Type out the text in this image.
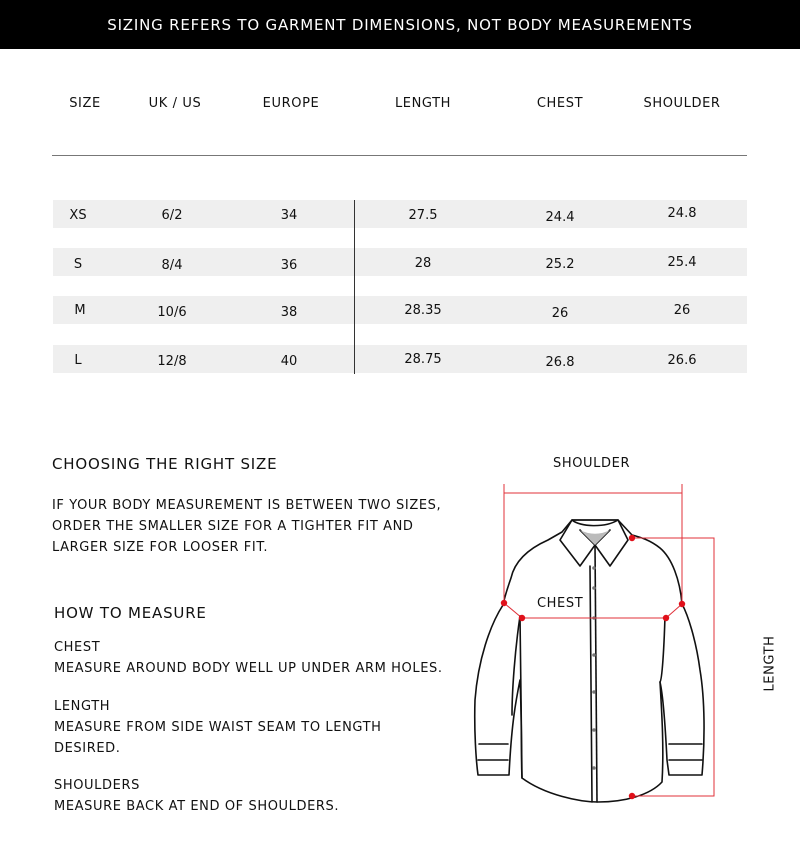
SIZING REFERS TO GARMENT DIMENSIONS, NOT BODY MEASUREMENTS
SIZE	UK / US	EUROPE	LENGTH	CHEST	SHOULDER
XS	6/2	34	27.5	24.4	24.8
S	8/4	36	28	25.2	25.4
M	10/6	38	28.35	26	26
L	12/8	40	28.75	26.8	26.6
CHOOSING THE RIGHT SIZE
IF YOUR BODY MEASUREMENT IS BETWEEN TWO SIZES,
ORDER THE SMALLER SIZE FOR A TIGHTER FIT AND
LARGER SIZE FOR LOOSER FIT.
HOW TO MEASURE
CHEST
MEASURE AROUND BODY WELL UP UNDER ARM HOLES.
LENGTH
MEASURE FROM SIDE WAIST SEAM TO LENGTH
DESIRED.
SHOULDERS
MEASURE BACK AT END OF SHOULDERS.
SHOULDER
CHEST
LENGTH
